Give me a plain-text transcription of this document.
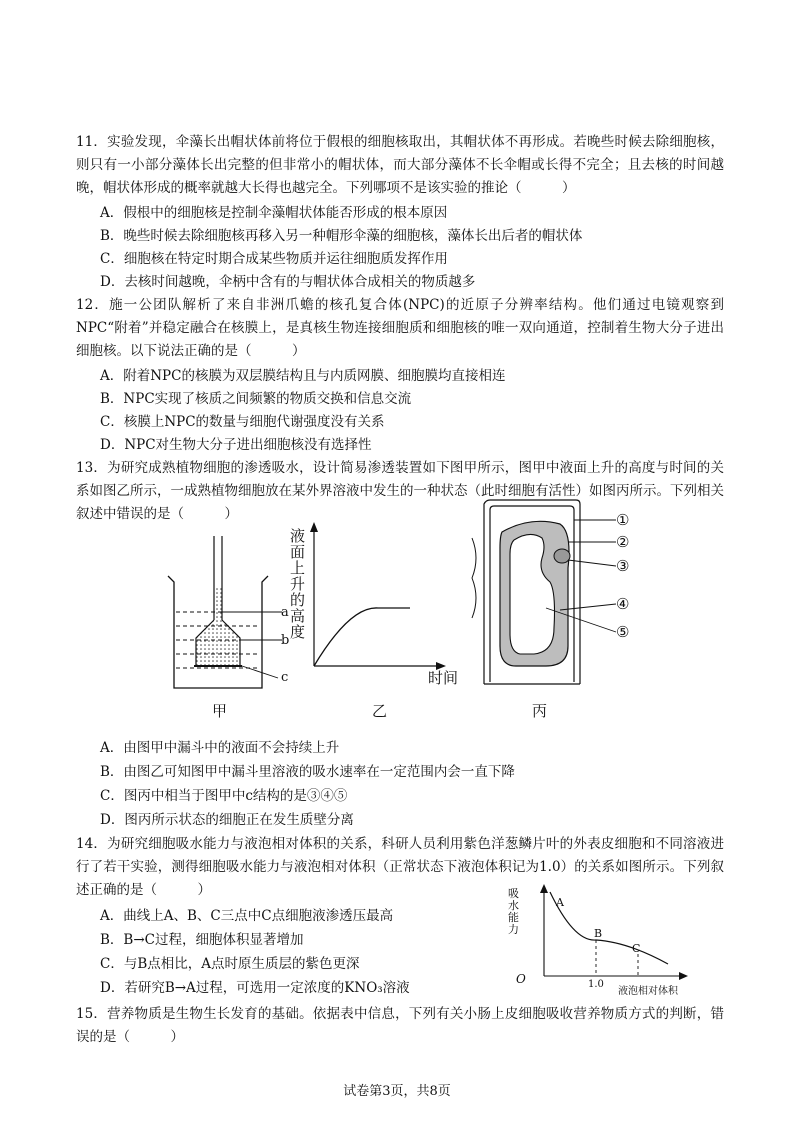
11．实验发现，伞藻长出帽状体前将位于假根的细胞核取出，其帽状体不再形成。若晚些时候去除细胞核，则只有一小部分藻体长出完整的但非常小的帽状体，而大部分藻体不长伞帽或长得不完全；且去核的时间越晚，帽状体形成的概率就越大长得也越完全。下列哪项不是该实验的推论（　　　）
A．假根中的细胞核是控制伞藻帽状体能否形成的根本原因
B．晚些时候去除细胞核再移入另一种帽形伞藻的细胞核，藻体长出后者的帽状体
C．细胞核在特定时期合成某些物质并运往细胞质发挥作用
D．去核时间越晚，伞柄中含有的与帽状体合成相关的物质越多
12．施一公团队解析了来自非洲爪蟾的核孔复合体(NPC)的近原子分辨率结构。他们通过电镜观察到NPC“附着”并稳定融合在核膜上，是真核生物连接细胞质和细胞核的唯一双向通道，控制着生物大分子进出细胞核。以下说法正确的是（　　　）
A．附着NPC的核膜为双层膜结构且与内质网膜、细胞膜均直接相连
B．NPC实现了核质之间频繁的物质交换和信息交流
C．核膜上NPC的数量与细胞代谢强度没有关系
D．NPC对生物大分子进出细胞核没有选择性
13．为研究成熟植物细胞的渗透吸水，设计简易渗透装置如下图甲所示，图甲中液面上升的高度与时间的关系如图乙所示，一成熟植物细胞放在某外界溶液中发生的一种状态（此时细胞有活性）如图丙所示。下列相关叙述中错误的是（　　　）
a
b
c
液面上升的高度
时间
①
②
③
④
⑤
甲	乙	丙
A．由图甲中漏斗中的液面不会持续上升
B．由图乙可知图甲中漏斗里溶液的吸水速率在一定范围内会一直下降
C．图丙中相当于图甲中c结构的是③④⑤
D．图丙所示状态的细胞正在发生质壁分离
14．为研究细胞吸水能力与液泡相对体积的关系，科研人员利用紫色洋葱鳞片叶的外表皮细胞和不同溶液进行了若干实验，测得细胞吸水能力与液泡相对体积（正常状态下液泡体积记为1.0）的关系如图所示。下列叙述正确的是（　　　）
A．曲线上A、B、C三点中C点细胞液渗透压最高
B．B→C过程，细胞体积显著增加
C．与B点相比，A点时原生质层的紫色更深
D．若研究B→A过程，可选用一定浓度的KNO₃溶液
吸水能力
O
A
B
C
1.0
液泡相对体积
15．营养物质是生物生长发育的基础。依据表中信息，下列有关小肠上皮细胞吸收营养物质方式的判断，错误的是（　　　）
试卷第3页，共8页
